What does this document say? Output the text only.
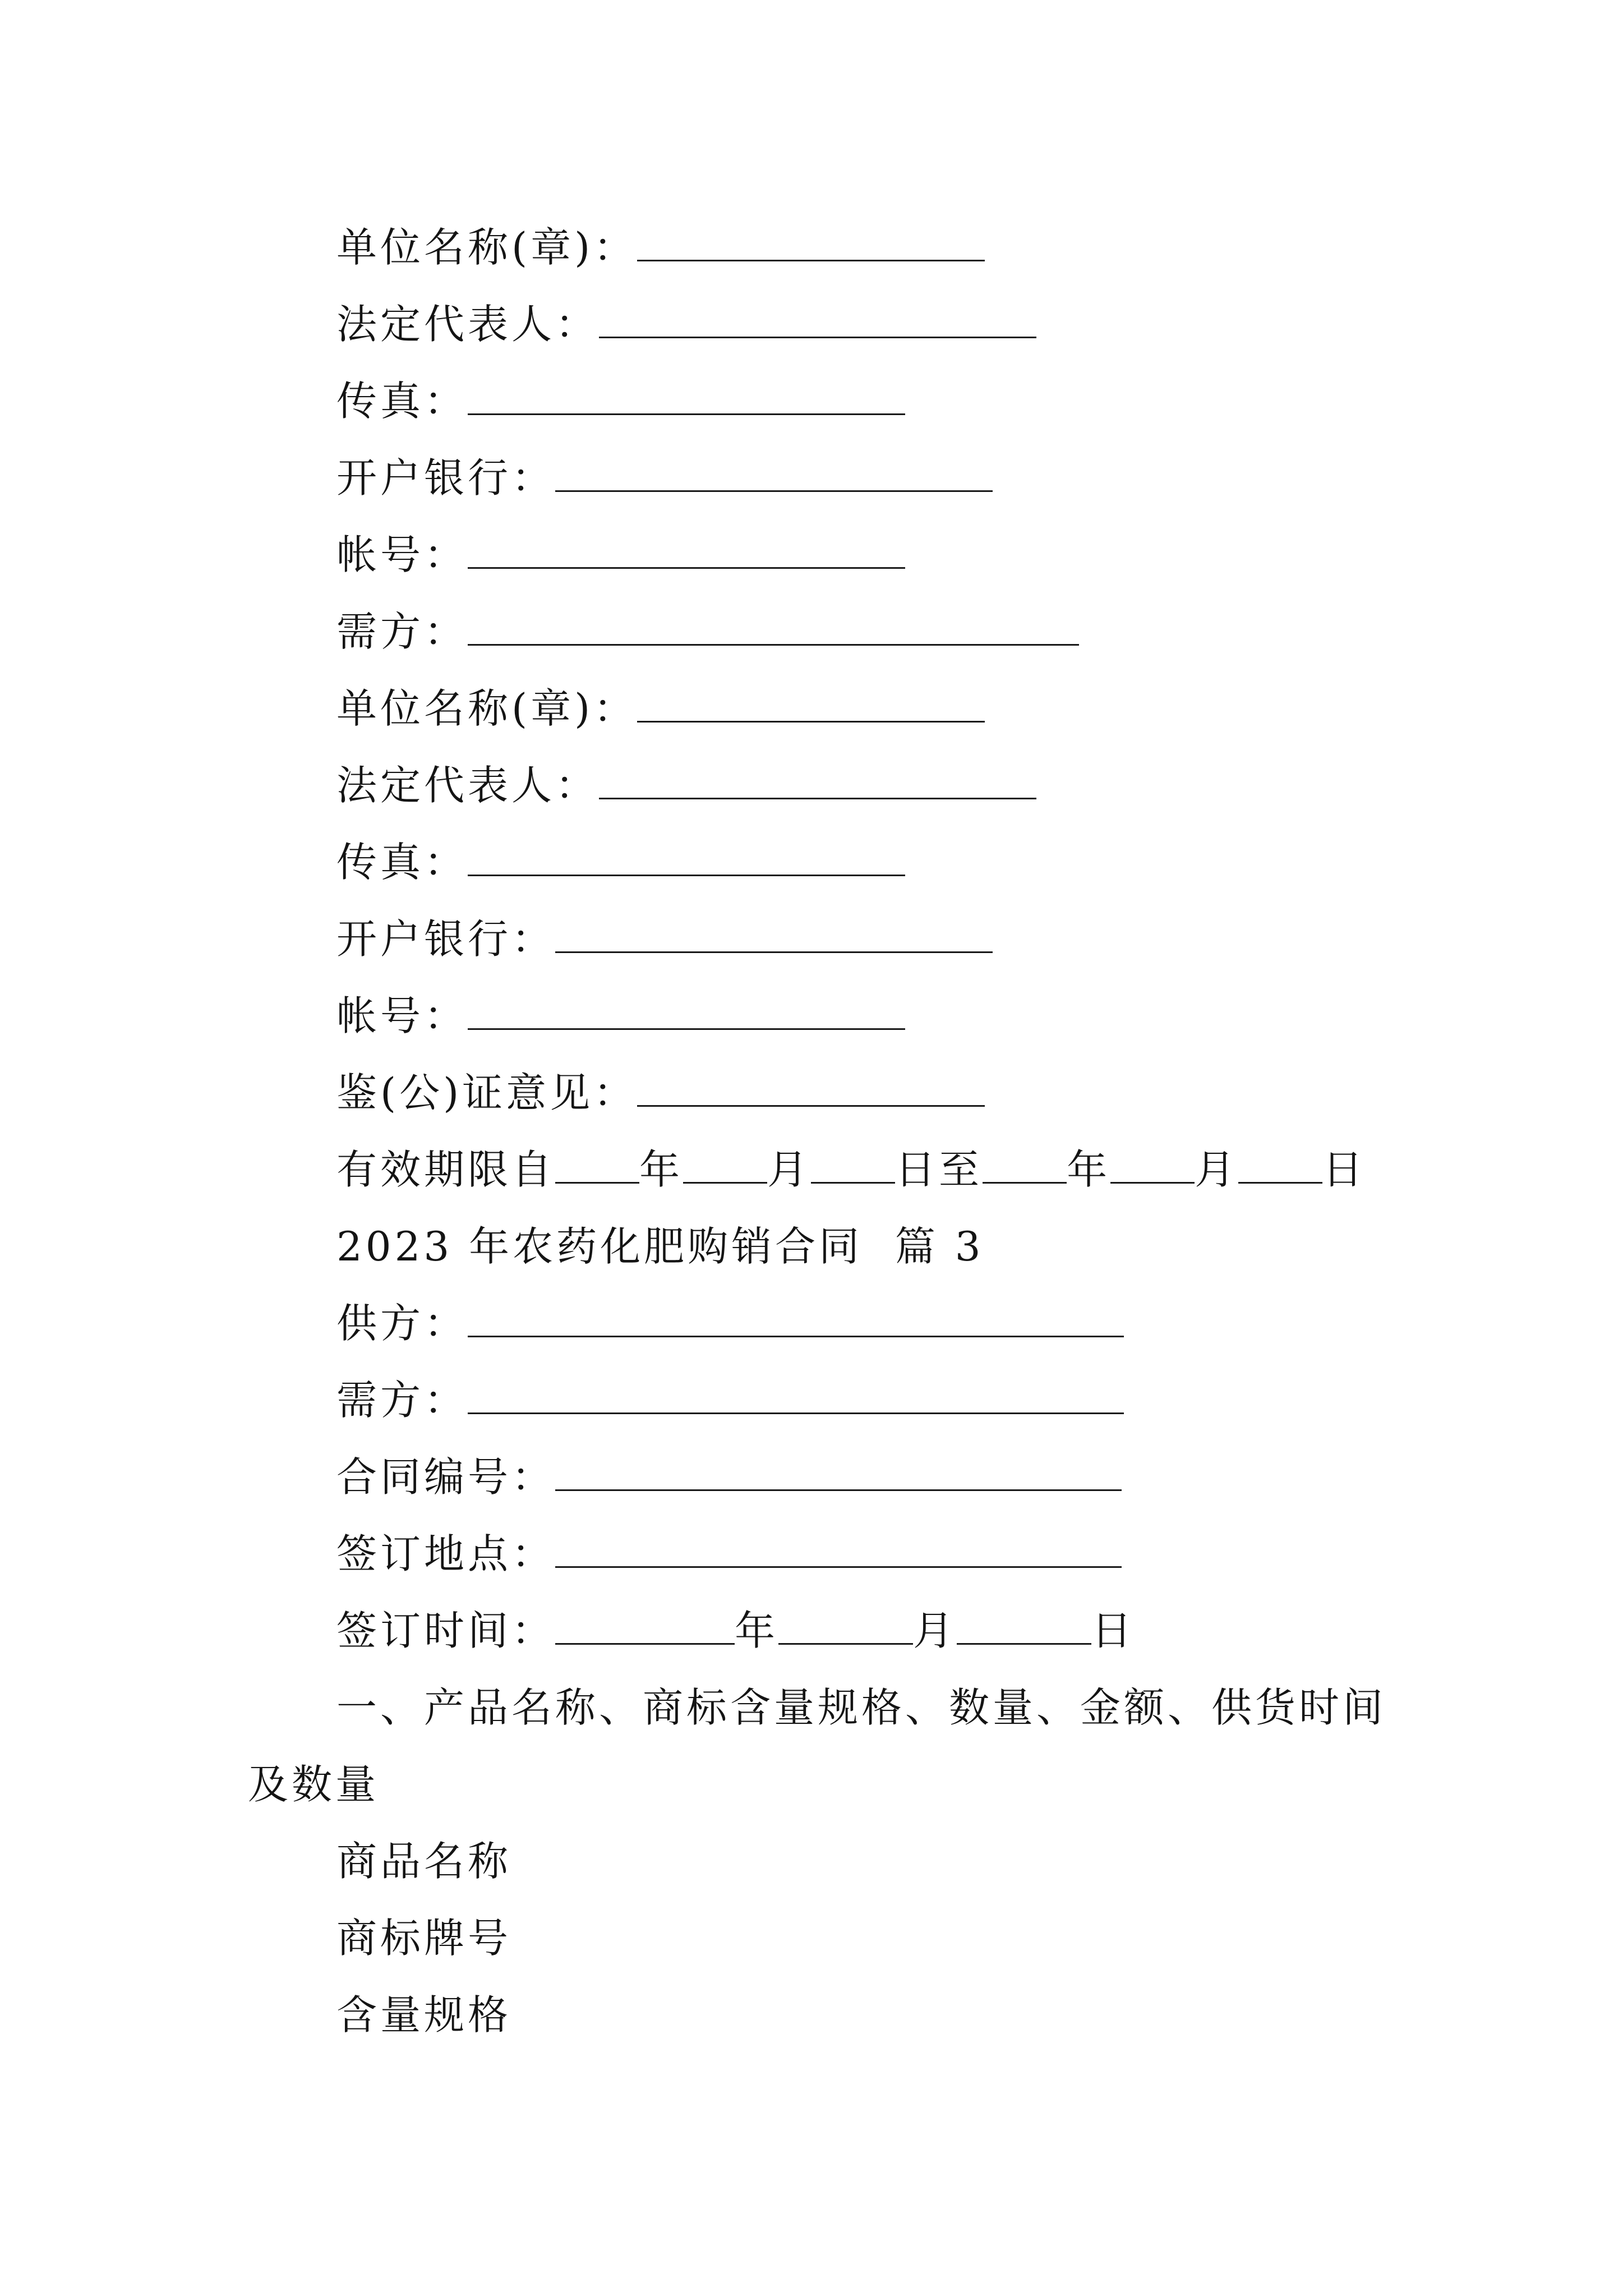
单位名称(章)：
法定代表人：
传真：
开户银行：
帐号：
需方：
单位名称(章)：
法定代表人：
传真：
开户银行：
帐号：
鉴(公)证意见：
有效期限自 年 月 日至 年 月 日
2023 年农药化肥购销合同  篇 3
供方：
需方：
合同编号：
签订地点：
签订时间：	年	月	日
一、产品名称、商标含量规格、数量、金额、供货时间
及数量
商品名称
商标牌号
含量规格
